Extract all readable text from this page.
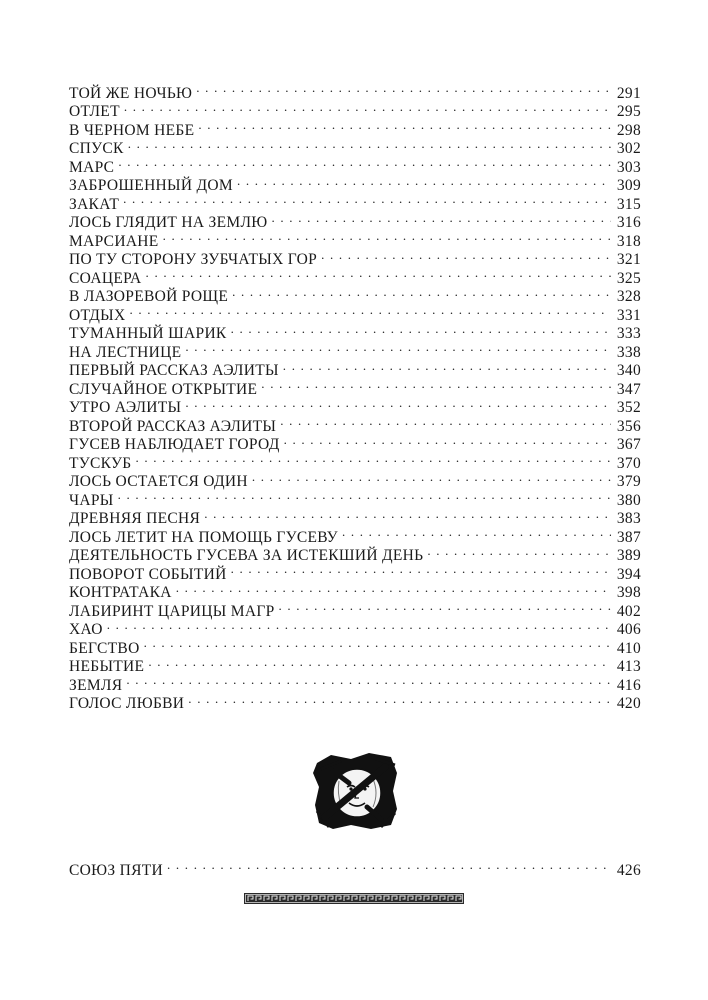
ТОЙ ЖЕ НОЧЬЮ . . .	291
ОТЛЕТ . . .	295
В ЧЕРНОМ НЕБЕ . . .	298
СПУСК . . .	302
МАРС . . .	303
ЗАБРОШЕННЫЙ ДОМ . . .	309
ЗАКАТ . . .	315
ЛОСЬ ГЛЯДИТ НА ЗЕМЛЮ . . .	316
МАРСИАНЕ . . .	318
ПО ТУ СТОРОНУ ЗУБЧАТЫХ ГОР . . .	321
СОАЦЕРА . . .	325
В ЛАЗОРЕВОЙ РОЩЕ . . .	328
ОТДЫХ . . .	331
ТУМАННЫЙ ШАРИК . . .	333
НА ЛЕСТНИЦЕ . . .	338
ПЕРВЫЙ РАССКАЗ АЭЛИТЫ . . .	340
СЛУЧАЙНОЕ ОТКРЫТИЕ . . .	347
УТРО АЭЛИТЫ . . .	352
ВТОРОЙ РАССКАЗ АЭЛИТЫ . . .	356
ГУСЕВ НАБЛЮДАЕТ ГОРОД . . .	367
ТУСКУБ . . .	370
ЛОСЬ ОСТАЕТСЯ ОДИН . . .	379
ЧАРЫ . . .	380
ДРЕВНЯЯ ПЕСНЯ . . .	383
ЛОСЬ ЛЕТИТ НА ПОМОЩЬ ГУСЕВУ . . .	387
ДЕЯТЕЛЬНОСТЬ ГУСЕВА ЗА ИСТЕКШИЙ ДЕНЬ . . .	389
ПОВОРОТ СОБЫТИЙ . . .	394
КОНТРАТАКА . . .	398
ЛАБИРИНТ ЦАРИЦЫ МАГР . . .	402
ХАО . . .	406
БЕГСТВО . . .	410
НЕБЫТИЕ . . .	413
ЗЕМЛЯ . . .	416
ГОЛОС ЛЮБВИ . . .	420
СОЮЗ ПЯТИ . . .	426
